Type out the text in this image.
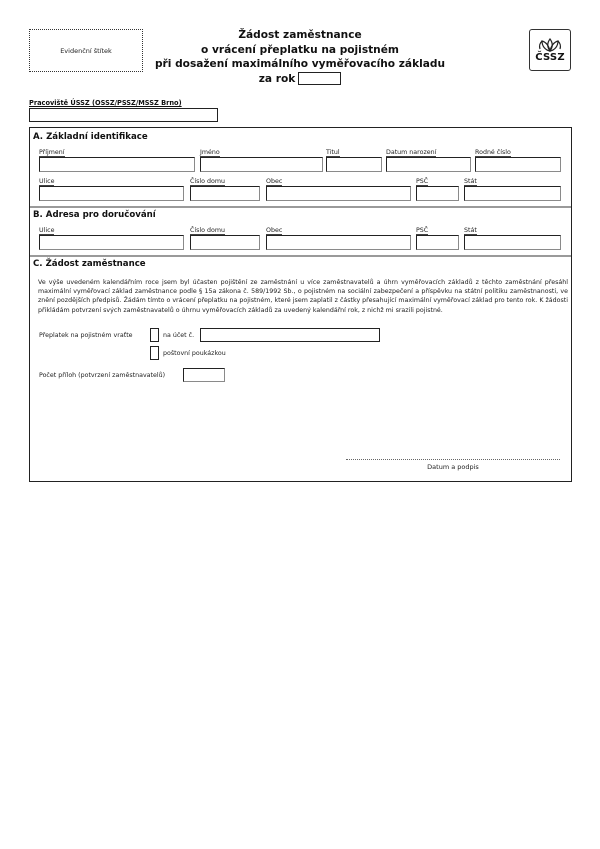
Evidenční štítek
Žádost zaměstnance
o vrácení přeplatku na pojistném
při dosažení maximálního vyměřovacího základu
za rok
ČSSZ
Pracoviště ÚSSZ (OSSZ/PSSZ/MSSZ Brno)
A. Základní identifikace
Příjmení	Jméno	Titul	Datum narození	Rodné číslo
Ulice	Číslo domu	Obec	PSČ	Stát
B. Adresa pro doručování
Ulice	Číslo domu	Obec	PSČ	Stát
C. Žádost zaměstnance
Ve výše uvedeném kalendářním roce jsem byl účasten pojištění ze zaměstnání u více zaměstnavatelů a úhrn vyměřovacích základů z těchto zaměstnání přesáhl maximální vyměřovací základ zaměstnance podle § 15a zákona č. 589/1992 Sb., o pojistném na sociální zabezpečení a příspěvku na státní politiku zaměstnanosti, ve znění pozdějších předpisů. Žádám tímto o vrácení přeplatku na pojistném, které jsem zaplatil z částky přesahující maximální vyměřovací základ pro tento rok. K žádosti přikládám potvrzení svých zaměstnavatelů o úhrnu vyměřovacích základů za uvedený kalendářní rok, z nichž mi srazili pojistné.
Přeplatek na pojistném vraťte	na účet č.
poštovní poukázkou
Počet příloh (potvrzení zaměstnavatelů)
Datum a podpis
